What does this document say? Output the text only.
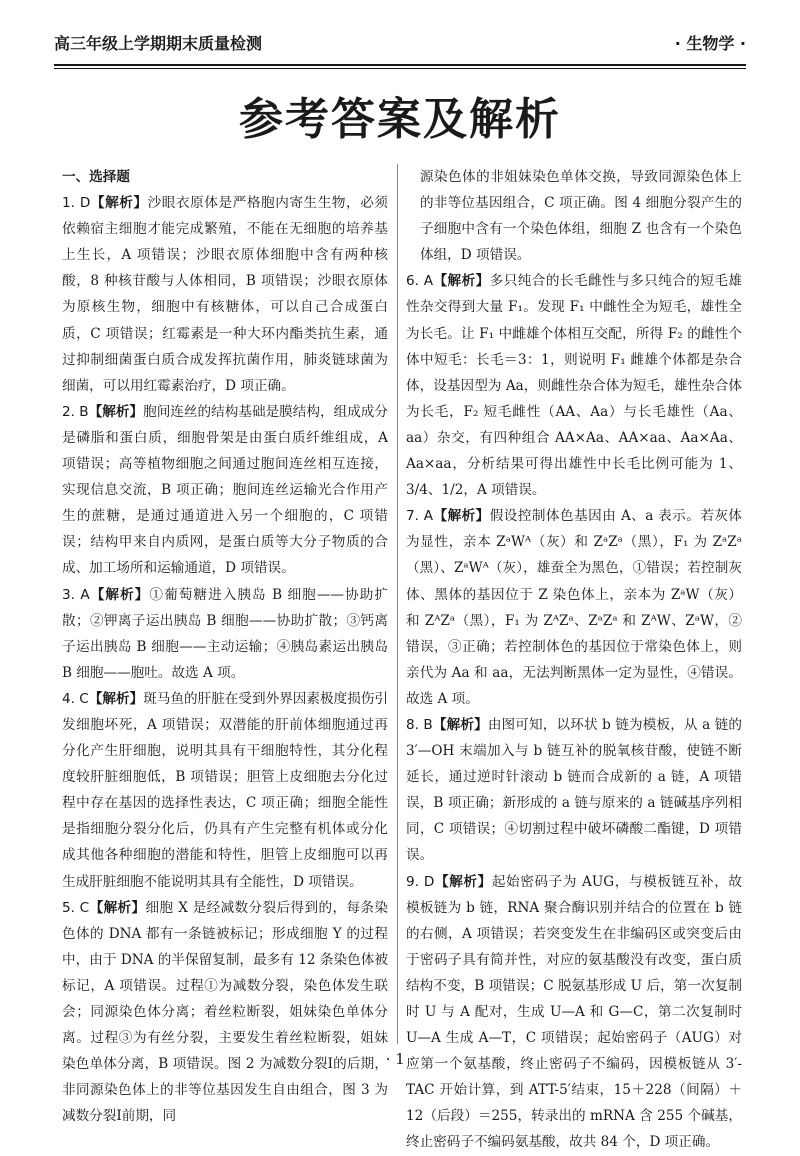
高三年级上学期期末质量检测	· 生物学 ·
参考答案及解析
一、选择题
1. D【解析】沙眼衣原体是严格胞内寄生生物，必须依赖宿主细胞才能完成繁殖，不能在无细胞的培养基上生长，A 项错误；沙眼衣原体细胞中含有两种核酸，8 种核苷酸与人体相同，B 项错误；沙眼衣原体为原核生物，细胞中有核糖体，可以自己合成蛋白质，C 项错误；红霉素是一种大环内酯类抗生素，通过抑制细菌蛋白质合成发挥抗菌作用，肺炎链球菌为细菌，可以用红霉素治疗，D 项正确。
2. B【解析】胞间连丝的结构基础是膜结构，组成成分是磷脂和蛋白质，细胞骨架是由蛋白质纤维组成，A 项错误；高等植物细胞之间通过胞间连丝相互连接，实现信息交流，B 项正确；胞间连丝运输光合作用产生的蔗糖，是通过通道进入另一个细胞的，C 项错误；结构甲来自内质网，是蛋白质等大分子物质的合成、加工场所和运输通道，D 项错误。
3. A【解析】①葡萄糖进入胰岛 B 细胞——协助扩散；②钾离子运出胰岛 B 细胞——协助扩散；③钙离子运出胰岛 B 细胞——主动运输；④胰岛素运出胰岛 B 细胞——胞吐。故选 A 项。
4. C【解析】斑马鱼的肝脏在受到外界因素极度损伤引发细胞坏死，A 项错误；双潜能的肝前体细胞通过再分化产生肝细胞，说明其具有干细胞特性，其分化程度较肝脏细胞低，B 项错误；胆管上皮细胞去分化过程中存在基因的选择性表达，C 项正确；细胞全能性是指细胞分裂分化后，仍具有产生完整有机体或分化成其他各种细胞的潜能和特性，胆管上皮细胞可以再生成肝脏细胞不能说明其具有全能性，D 项错误。
5. C【解析】细胞 X 是经减数分裂后得到的，每条染色体的 DNA 都有一条链被标记；形成细胞 Y 的过程中，由于 DNA 的半保留复制，最多有 12 条染色体被标记，A 项错误。过程①为减数分裂，染色体发生联会；同源染色体分离；着丝粒断裂，姐妹染色单体分离。过程③为有丝分裂，主要发生着丝粒断裂，姐妹染色单体分离，B 项错误。图 2 为减数分裂Ⅰ的后期，非同源染色体上的非等位基因发生自由组合，图 3 为减数分裂Ⅰ前期，同
源染色体的非姐妹染色单体交换，导致同源染色体上的非等位基因组合，C 项正确。图 4 细胞分裂产生的子细胞中含有一个染色体组，细胞 Z 也含有一个染色体组，D 项错误。
6. A【解析】多只纯合的长毛雌性与多只纯合的短毛雄性杂交得到大量 F₁。发现 F₁ 中雌性全为短毛，雄性全为长毛。让 F₁ 中雌雄个体相互交配，所得 F₂ 的雌性个体中短毛：长毛＝3：1，则说明 F₁ 雌雄个体都是杂合体，设基因型为 Aa，则雌性杂合体为短毛，雄性杂合体为长毛，F₂ 短毛雌性（AA、Aa）与长毛雄性（Aa、aa）杂交，有四种组合 AA×Aa、AA×aa、Aa×Aa、Aa×aa，分析结果可得出雄性中长毛比例可能为 1、3/4、1/2，A 项错误。
7. A【解析】假设控制体色基因由 A、a 表示。若灰体为显性，亲本 ZᵃWᴬ（灰）和 ZᵃZᵃ（黑），F₁ 为 ZᵃZᵃ（黑）、ZᵃWᴬ（灰），雄蚕全为黑色，①错误；若控制灰体、黑体的基因位于 Z 染色体上，亲本为 ZᵃW（灰）和 ZᴬZᵃ（黑），F₁ 为 ZᴬZᵃ、ZᵃZᵃ 和 ZᴬW、ZᵃW，②错误，③正确；若控制体色的基因位于常染色体上，则亲代为 Aa 和 aa，无法判断黑体一定为显性，④错误。故选 A 项。
8. B【解析】由图可知，以环状 b 链为模板，从 a 链的 3′—OH 末端加入与 b 链互补的脱氧核苷酸，使链不断延长，通过逆时针滚动 b 链而合成新的 a 链，A 项错误，B 项正确；新形成的 a 链与原来的 a 链碱基序列相同，C 项错误；④切割过程中破坏磷酸二酯键，D 项错误。
9. D【解析】起始密码子为 AUG，与模板链互补，故模板链为 b 链，RNA 聚合酶识别并结合的位置在 b 链的右侧，A 项错误；若突变发生在非编码区或突变后由于密码子具有简并性，对应的氨基酸没有改变，蛋白质结构不变，B 项错误；C 脱氨基形成 U 后，第一次复制时 U 与 A 配对，生成 U—A 和 G—C，第二次复制时 U—A 生成 A—T，C 项错误；起始密码子（AUG）对应第一个氨基酸，终止密码子不编码，因模板链从 3′-TAC 开始计算，到 ATT-5′结束，15＋228（间隔）＋12（后段）＝255，转录出的 mRNA 含 255 个碱基，终止密码子不编码氨基酸，故共 84 个，D 项正确。
· 1 ·
